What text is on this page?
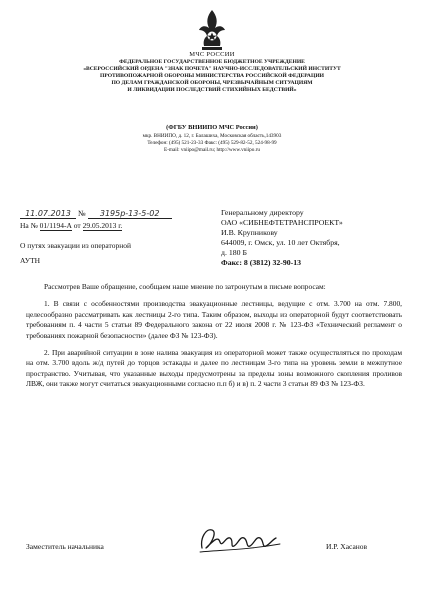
МЧС РОССИИ
ФЕДЕРАЛЬНОЕ ГОСУДАРСТВЕННОЕ БЮДЖЕТНОЕ УЧРЕЖДЕНИЕ
«ВСЕРОССИЙСКИЙ ОРДЕНА "ЗНАК ПОЧЕТА" НАУЧНО-ИССЛЕДОВАТЕЛЬСКИЙ ИНСТИТУТ
ПРОТИВОПОЖАРНОЙ ОБОРОНЫ МИНИСТЕРСТВА РОССИЙСКОЙ ФЕДЕРАЦИИ
ПО ДЕЛАМ ГРАЖДАНСКОЙ ОБОРОНЫ, ЧРЕЗВЫЧАЙНЫМ СИТУАЦИЯМ
И ЛИКВИДАЦИИ ПОСЛЕДСТВИЙ СТИХИЙНЫХ БЕДСТВИЙ»
(ФГБУ ВНИИПО МЧС России)
мкр. ВНИИПО, д. 12, г. Балашиха, Московская область,143903
Телефон: (495) 521-23-33 Факс: (495) 529-82-52, 524-98-99
E-mail: vniipo@mail.ru; http://www.vniipo.ru
11.07.2013 № 3195р-13-5-02
На № 01/1194-А от 29.05.2013 г.
О путях эвакуации из операторной
АУТН
Генеральному директору
ОАО «СИБНЕФТЕТРАНСПРОЕКТ»
И.В. Крупникову
644009, г. Омск, ул. 10 лет Октября,
д. 180 Б
Факс: 8 (3812) 32-90-13

Рассмотрев Ваше обращение, сообщаем наше мнение по затронутым в письме вопросам:

1. В связи с особенностями производства эвакуационные лестницы, ведущие с отм. 3.700 на отм. 7.800, целесообразно рассматривать как лестницы 2-го типа. Таким образом, выходы из операторной будут соответствовать требованиям п. 4 части 5 статьи 89 Федерального закона от 22 июля 2008 г. № 123-ФЗ «Технический регламент о требованиях пожарной безопасности» (далее ФЗ № 123-ФЗ).

2. При аварийной ситуации в зоне налива эвакуация из операторной может также осуществляться по проходам на отм. 3.700 вдоль ж/д путей до торцов эстакады и далее по лестницам 3-го типа на уровень земли в межпутное пространство. Учитывая, что указанные выходы предусмотрены за пределы зоны возможного скопления проливов ЛВЖ, они также могут считаться эвакуационными согласно п.п б) и в) п. 2 части 3 статьи 89 ФЗ № 123-ФЗ.

Заместитель начальника	И.Р. Хасанов
